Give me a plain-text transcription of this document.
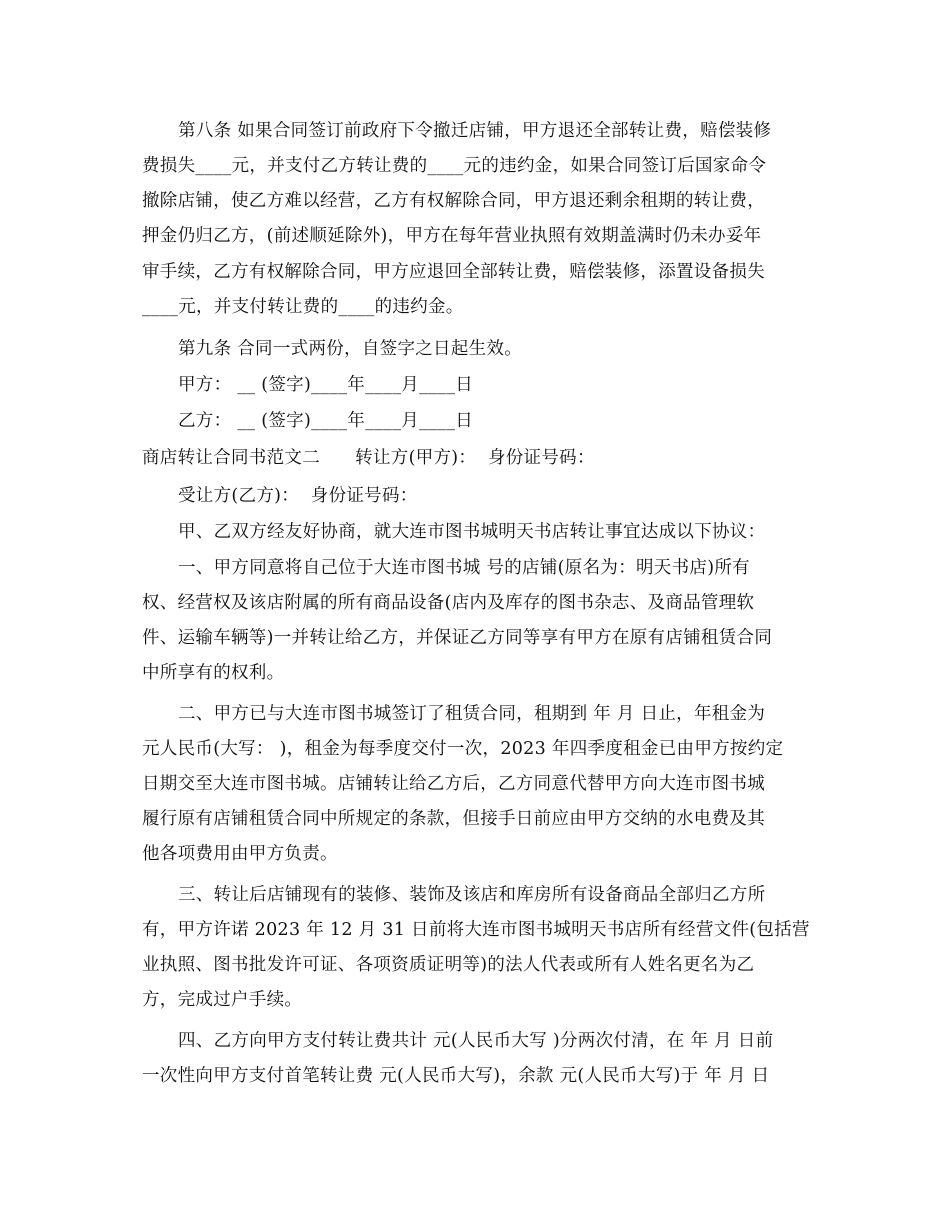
第八条 如果合同签订前政府下令撤迁店铺，甲方退还全部转让费，赔偿装修
费损失____元，并支付乙方转让费的____元的违约金，如果合同签订后国家命令
撤除店铺，使乙方难以经营，乙方有权解除合同，甲方退还剩余租期的转让费，
押金仍归乙方，(前述顺延除外)，甲方在每年营业执照有效期盖满时仍未办妥年
审手续，乙方有权解除合同，甲方应退回全部转让费，赔偿装修，添置设备损失
____元，并支付转让费的____的违约金。
第九条 合同一式两份，自签字之日起生效。
甲方： __ (签字)____年____月____日
乙方： __ (签字)____年____月____日
商店转让合同书范文二      转让方(甲方)：  身份证号码：
受让方(乙方)：  身份证号码：
甲、乙双方经友好协商，就大连市图书城明天书店转让事宜达成以下协议：
一、甲方同意将自己位于大连市图书城 号的店铺(原名为：明天书店)所有
权、经营权及该店附属的所有商品设备(店内及库存的图书杂志、及商品管理软
件、运输车辆等)一并转让给乙方，并保证乙方同等享有甲方在原有店铺租赁合同
中所享有的权利。
二、甲方已与大连市图书城签订了租赁合同，租期到 年 月 日止，年租金为
元人民币(大写： )，租金为每季度交付一次，2023 年四季度租金已由甲方按约定
日期交至大连市图书城。店铺转让给乙方后，乙方同意代替甲方向大连市图书城
履行原有店铺租赁合同中所规定的条款，但接手日前应由甲方交纳的水电费及其
他各项费用由甲方负责。
三、转让后店铺现有的装修、装饰及该店和库房所有设备商品全部归乙方所
有，甲方许诺 2023 年 12 月 31 日前将大连市图书城明天书店所有经营文件(包括营
业执照、图书批发许可证、各项资质证明等)的法人代表或所有人姓名更名为乙
方，完成过户手续。
四、乙方向甲方支付转让费共计 元(人民币大写 )分两次付清，在 年 月 日前
一次性向甲方支付首笔转让费 元(人民币大写)，余款 元(人民币大写)于 年 月 日
